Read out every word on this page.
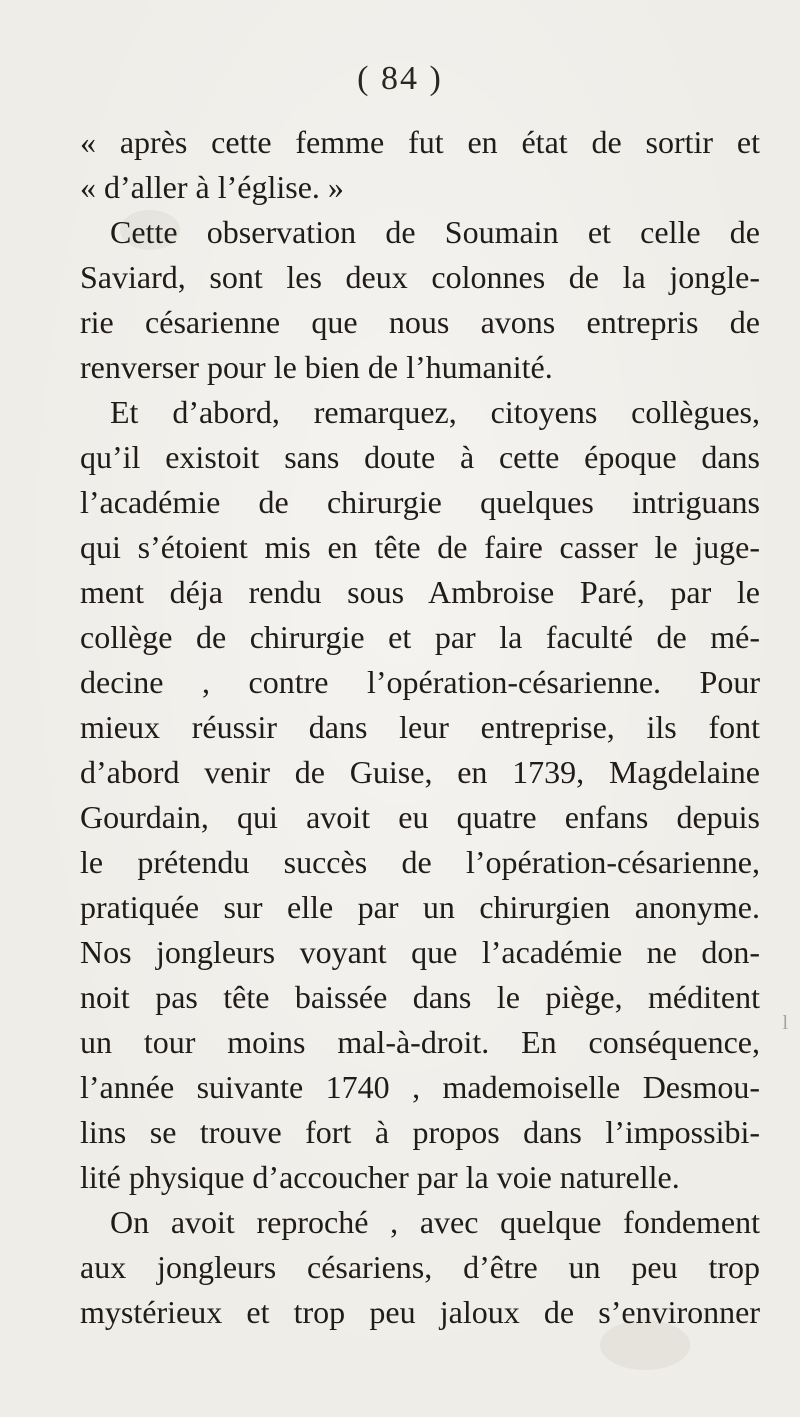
( 84 )
« après cette femme fut en état de sortir et
« d’aller à l’église. »
Cette observation de Soumain et celle de
Saviard, sont les deux colonnes de la jongle-
rie césarienne que nous avons entrepris de
renverser pour le bien de l’humanité.
Et d’abord, remarquez, citoyens collègues,
qu’il existoit sans doute à cette époque dans
l’académie de chirurgie quelques intriguans
qui s’étoient mis en tête de faire casser le juge-
ment déja rendu sous Ambroise Paré, par le
collège de chirurgie et par la faculté de mé-
decine , contre l’opération-césarienne. Pour
mieux réussir dans leur entreprise, ils font
d’abord venir de Guise, en 1739, Magdelaine
Gourdain, qui avoit eu quatre enfans depuis
le prétendu succès de l’opération-césarienne,
pratiquée sur elle par un chirurgien anonyme.
Nos jongleurs voyant que l’académie ne don-
noit pas tête baissée dans le piège, méditent
un tour moins mal-à-droit. En conséquence,
l’année suivante 1740 , mademoiselle Desmou-
lins se trouve fort à propos dans l’impossibi-
lité physique d’accoucher par la voie naturelle.
On avoit reproché , avec quelque fondement
aux jongleurs césariens, d’être un peu trop
mystérieux et trop peu jaloux de s’environner
l
